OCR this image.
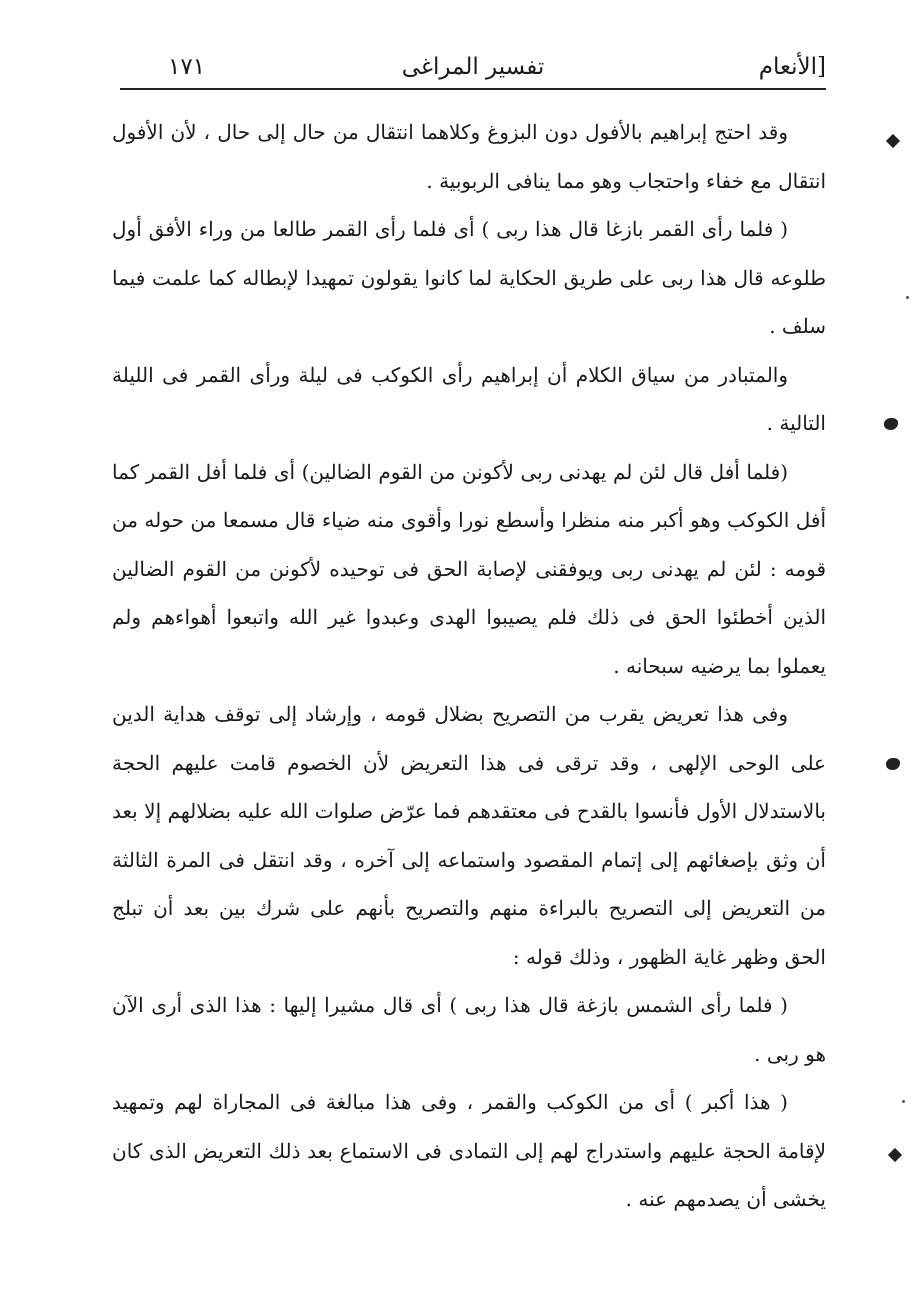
١٧١	تفسير المراغى	الأنعام]

وقد احتج إبراهيم بالأفول دون البزوغ وكلاهما انتقال من حال إلى حال ، لأن الأفول انتقال مع خفاء واحتجاب وهو مما ينافى الربوبية .

( فلما رأى القمر بازغا قال هذا ربى ) أى فلما رأى القمر طالعا من وراء الأفق أول طلوعه قال هذا ربى على طريق الحكاية لما كانوا يقولون تمهيدا لإبطاله كما علمت فيما سلف .

والمتبادر من سياق الكلام أن إبراهيم رأى الكوكب فى ليلة ورأى القمر فى الليلة التالية .

(فلما أفل قال لئن لم يهدنى ربى لأكونن من القوم الضالين) أى فلما أفل القمر كما أفل الكوكب وهو أكبر منه منظرا وأسطع نورا وأقوى منه ضياء قال مسمعا من حوله من قومه : لئن لم يهدنى ربى ويوفقنى لإصابة الحق فى توحيده لأكونن من القوم الضالين الذين أخطئوا الحق فى ذلك فلم يصيبوا الهدى وعبدوا غير الله واتبعوا أهواءهم ولم يعملوا بما يرضيه سبحانه .

وفى هذا تعريض يقرب من التصريح بضلال قومه ، وإرشاد إلى توقف هداية الدين على الوحى الإلهى ، وقد ترقى فى هذا التعريض لأن الخصوم قامت عليهم الحجة بالاستدلال الأول فأنسوا بالقدح فى معتقدهم فما عرّض صلوات الله عليه بضلالهم إلا بعد أن وثق بإصغائهم إلى إتمام المقصود واستماعه إلى آخره ، وقد انتقل فى المرة الثالثة من التعريض إلى التصريح بالبراءة منهم والتصريح بأنهم على شرك بين بعد أن تبلج الحق وظهر غاية الظهور ، وذلك قوله :

( فلما رأى الشمس بازغة قال هذا ربى ) أى قال مشيرا إليها : هذا الذى أرى الآن هو ربى .

( هذا أكبر ) أى من الكوكب والقمر ، وفى هذا مبالغة فى المجاراة لهم وتمهيد لإقامة الحجة عليهم واستدراج لهم إلى التمادى فى الاستماع بعد ذلك التعريض الذى كان يخشى أن يصدمهم عنه .
